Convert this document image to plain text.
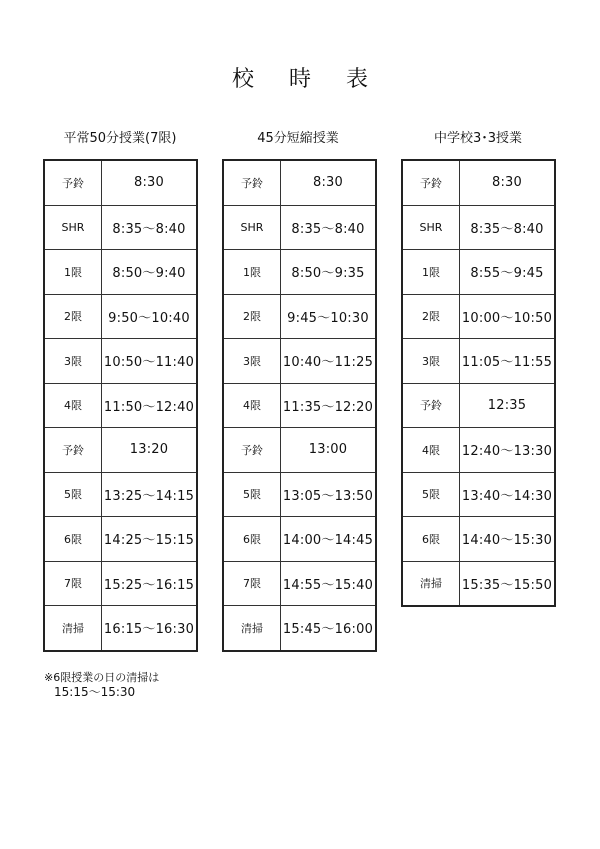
校 時 表
平常50分授業(7限)
予鈴	8:30
SHR	8:35～8:40
1限	8:50～9:40
2限	9:50～10:40
3限	10:50～11:40
4限	11:50～12:40
予鈴	13:20
5限	13:25～14:15
6限	14:25～15:15
7限	15:25～16:15
清掃	16:15～16:30
45分短縮授業
予鈴	8:30
SHR	8:35～8:40
1限	8:50～9:35
2限	9:45～10:30
3限	10:40～11:25
4限	11:35～12:20
予鈴	13:00
5限	13:05～13:50
6限	14:00～14:45
7限	14:55～15:40
清掃	15:45～16:00
中学校3･3授業
予鈴	8:30
SHR	8:35～8:40
1限	8:55～9:45
2限	10:00～10:50
3限	11:05～11:55
予鈴	12:35
4限	12:40～13:30
5限	13:40～14:30
6限	14:40～15:30
清掃	15:35～15:50
※6限授業の日の清掃は
15:15～15:30
